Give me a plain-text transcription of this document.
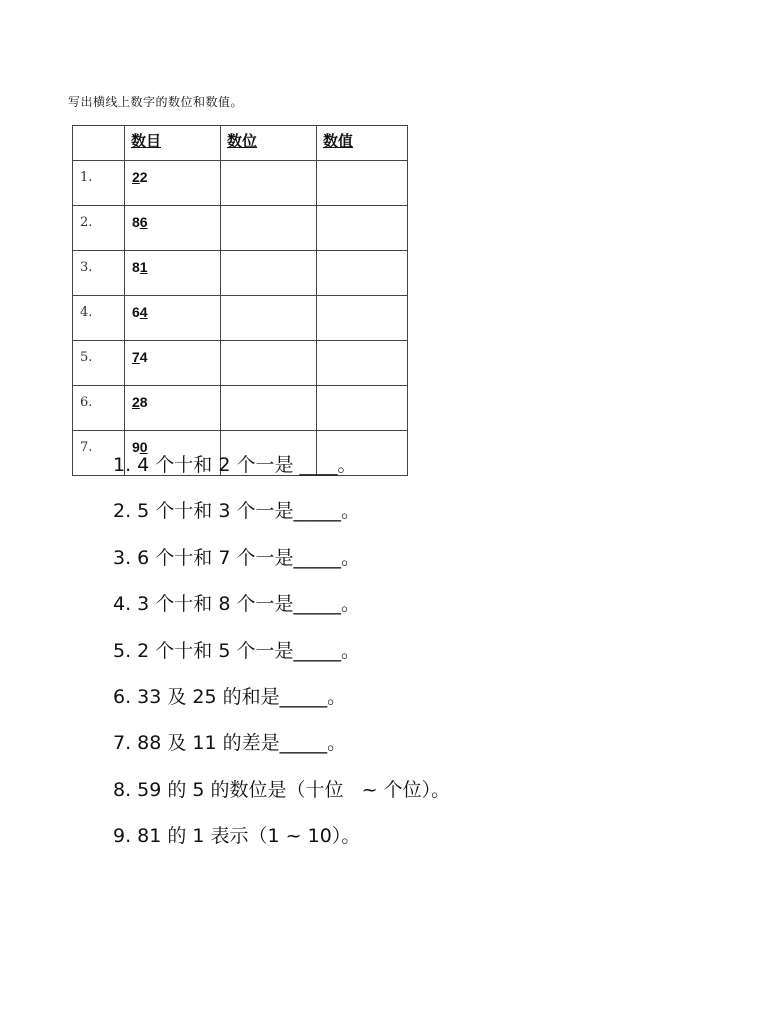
写出横线上数字的数位和数值。
	数目	数位	数值
1.	22		
2.	86		
3.	81		
4.	64		
5.	74		
6.	28		
7.	90		
1. 4 个十和 2 个一是 ____。
2. 5 个十和 3 个一是_____。
3. 6 个十和 7 个一是_____。
4. 3 个十和 8 个一是_____。
5. 2 个十和 5 个一是_____。
6. 33 及 25 的和是_____。
7. 88 及 11 的差是_____。
8. 59 的 5 的数位是（十位   ~ 个位）。
9. 81 的 1 表示（1 ~ 10）。
